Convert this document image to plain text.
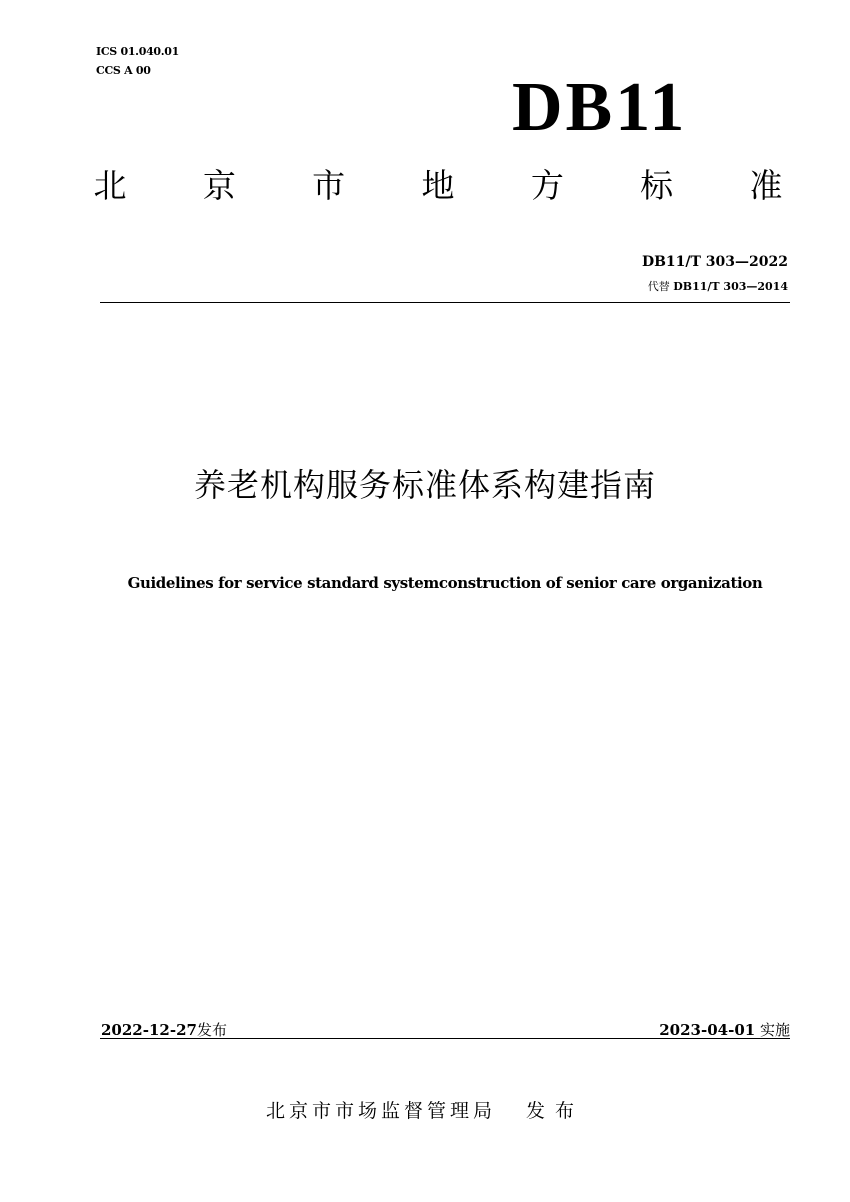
ICS 01.040.01
CCS A 00	DB11
北 京 市 地 方 标 准
DB11/T 303—2022
代替 DB11/T 303—2014
养老机构服务标准体系构建指南
Guidelines for service standard systemconstruction of senior care organization
2022-12-27发布	2023-04-01 实施
北京市市场监督管理局 发布
